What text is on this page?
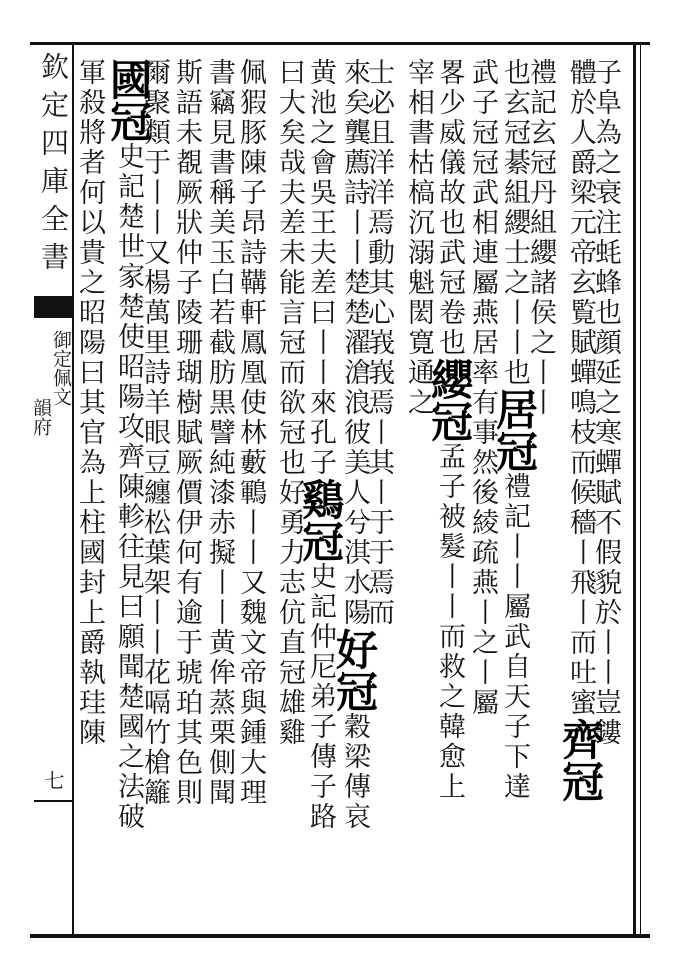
欽定四庫全書
御定佩文
韻府
七
子阜為之衰注蚝蜂也顔延之寒蟬賦不假貌於丨丨豈鏤
體於人爵梁元帝玄覧賦蟬鳴枝而候穡丨飛丨而吐蜜齊冠
禮記玄冠丹組纓諸侯之丨丨
也玄冠綦組纓士之丨丨也居冠禮記丨丨屬武自天子下達
武子冠冠武相連屬燕居率有事然後綾疏燕丨之丨屬
畧少威儀故也武冠卷也纓冠孟子被髮丨丨而救之韓愈上
宰相書枯槁沉溺魁閎寛通之
士必且洋洋焉動其心峩峩焉丨其丨于于焉而
來矣龔薦詩丨丨楚楚濯滄浪彼美人兮淇水陽好冠穀梁傳哀
黄池之會吳王夫差曰丨丨來孔子鷄冠史記仲尼弟子傳子路
曰大矣哉夫差未能言冠而欲冠也好勇力志伉直冠雄雞
佩猳豚陳子昂詩鞲軒鳳凰使林藪鶤丨丨又魏文帝與鍾大理
書竊見書稱美玉白若截肪黒譬純漆赤擬丨丨黄侔蒸栗側聞
斯語未覩厥狀仲子陵珊瑚樹賦厥價伊何有逾于琥珀其色則
爾聚類于丨丨又楊萬里詩羊眼豆纏松葉架丨丨花嗝竹槍籬
國冠史記楚世家楚使昭陽攻齊陳軫往見曰願聞楚國之法破
軍殺將者何以貴之昭陽曰其官為上柱國封上爵執珪陳
